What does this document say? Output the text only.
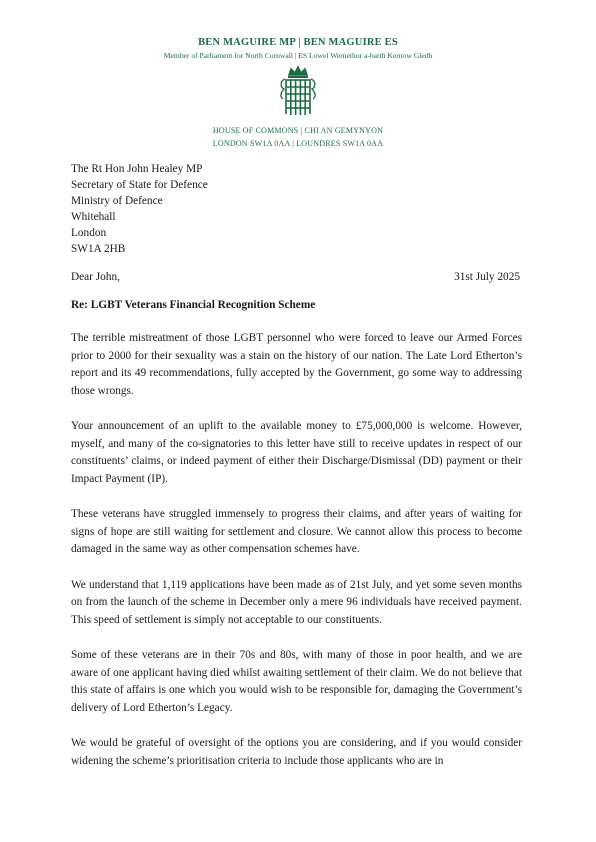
BEN MAGUIRE MP | BEN MAGUIRE ES
Member of Parliament for North Cornwall | ES Lowel Wernethor a-barth Kernow Gledh
HOUSE OF COMMONS | CHI AN GEMYNYON
LONDON SW1A 0AA | LOUNDRES SW1A 0AA
The Rt Hon John Healey MP
Secretary of State for Defence
Ministry of Defence
Whitehall
London
SW1A 2HB
Dear John,	31st July 2025
Re: LGBT Veterans Financial Recognition Scheme

The terrible mistreatment of those LGBT personnel who were forced to leave our Armed Forces prior to 2000 for their sexuality was a stain on the history of our nation. The Late Lord Etherton’s report and its 49 recommendations, fully accepted by the Government, go some way to addressing those wrongs.

Your announcement of an uplift to the available money to £75,000,000 is welcome. However, myself, and many of the co-signatories to this letter have still to receive updates in respect of our constituents’ claims, or indeed payment of either their Discharge/Dismissal (DD) payment or their Impact Payment (IP).

These veterans have struggled immensely to progress their claims, and after years of waiting for signs of hope are still waiting for settlement and closure. We cannot allow this process to become damaged in the same way as other compensation schemes have.

We understand that 1,119 applications have been made as of 21st July, and yet some seven months on from the launch of the scheme in December only a mere 96 individuals have received payment. This speed of settlement is simply not acceptable to our constituents.

Some of these veterans are in their 70s and 80s, with many of those in poor health, and we are aware of one applicant having died whilst awaiting settlement of their claim. We do not believe that this state of affairs is one which you would wish to be responsible for, damaging the Government’s delivery of Lord Etherton’s Legacy.

We would be grateful of oversight of the options you are considering, and if you would consider widening the scheme’s prioritisation criteria to include those applicants who are in
